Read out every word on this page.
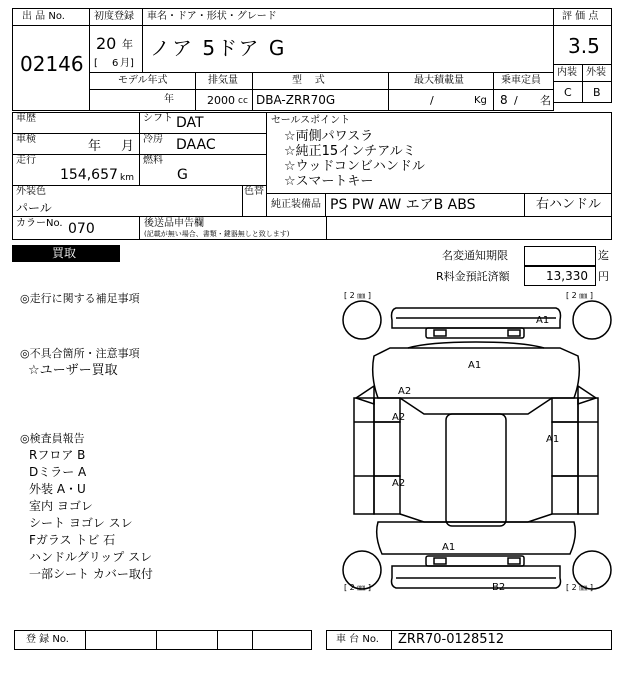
出 品 No.
02146
初度登録
20 年
[ 6 月]
車名・ドア・形状・グレード
ノア 5ドア G
評 価 点
3.5
内装 外装
C B
モデル年式
年
排気量
2000 cc
型    式
DBA-ZRR70G
最大積載量
/	Kg
乗車定員
8 / 名
車歴
車検	年 月
走行
154,657 km
シフト DAT
冷房 DAAC
燃料
G
セールスポイント
☆両側パワスラ
☆純正15インチアルミ
☆ウッドコンビハンドル
☆スマートキー
外装色
パール
色替
純正装備品 PS PW AW エアB ABS	右ハンドル
カラーNo. 070	後送品申告欄
(記載が無い場合、書類・鍵器無しと致します)
買取	名変通知期限	迄
R料金預託済額	13,330 円
◎走行に関する補足事項
◎不具合箇所・注意事項
☆ユーザー買取
◎検査員報告
Rフロア B
Dミラー A
外装 A・U
室内 ヨゴレ
シート ヨゴレ スレ
Fガラス トビ 石
ハンドルグリップ スレ
一部シート カバー取付
[ 2 ㎜ ]	[ 2 ㎜ ]
[ 2 ㎜ ]	[ 2 ㎜ ]
A1
A1
A2
A2
A1
A2
A1
B2
登 録 No.	車 台 No. ZRR70-0128512
